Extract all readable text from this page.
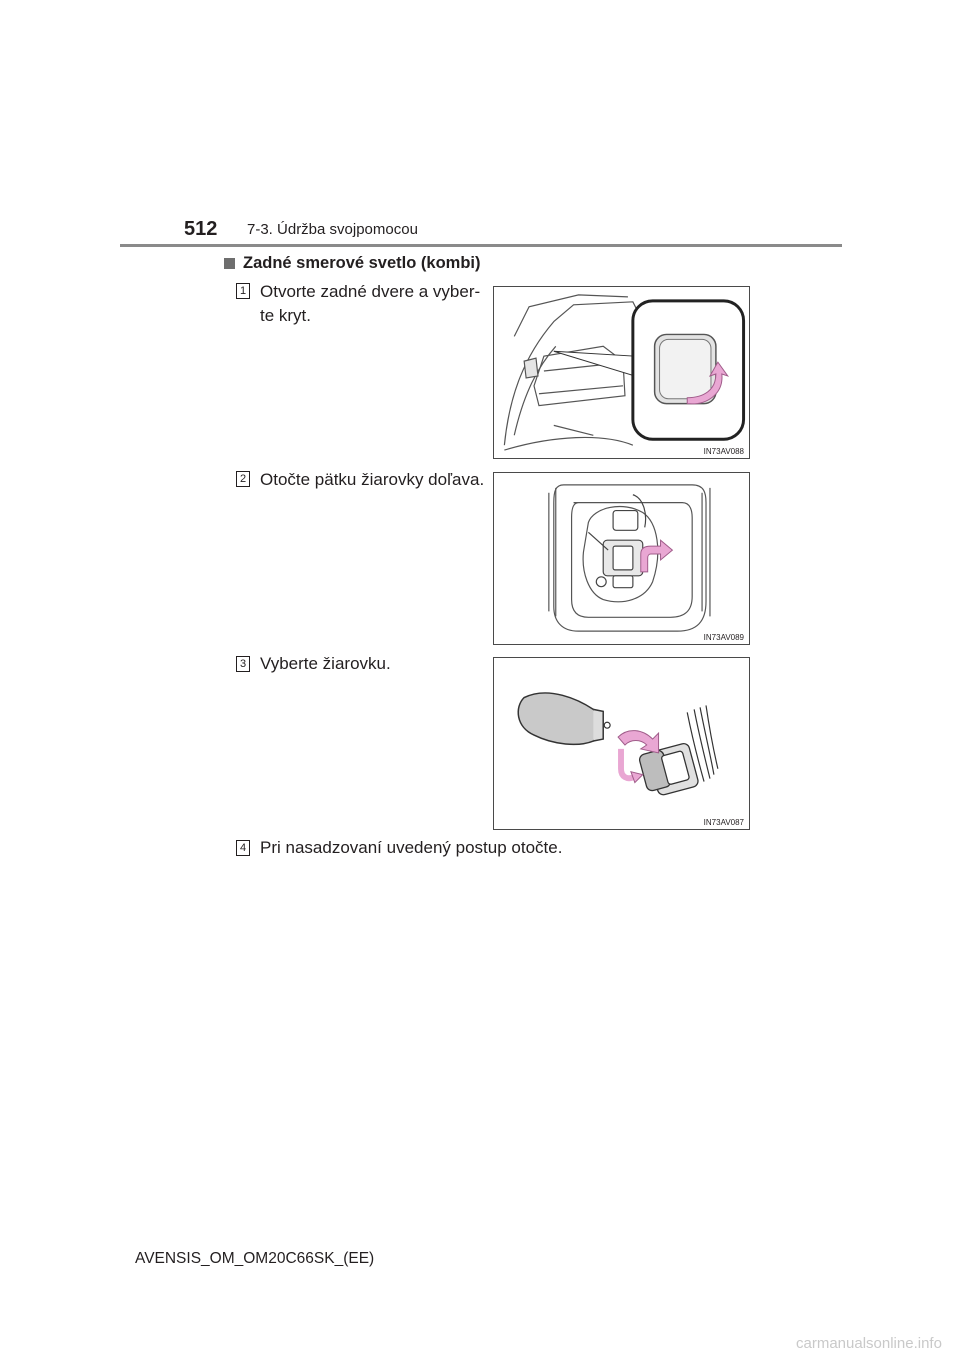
512 7-3. Údržba svojpomocou
Zadné smerové svetlo (kombi)
1 Otvorte zadné dvere a vyber-
te kryt.
IN73AV088
2 Otočte pätku žiarovky doľava.
IN73AV089
3 Vyberte žiarovku.
IN73AV087
4 Pri nasadzovaní uvedený postup otočte.
AVENSIS_OM_OM20C66SK_(EE)
carmanualsonline.info
